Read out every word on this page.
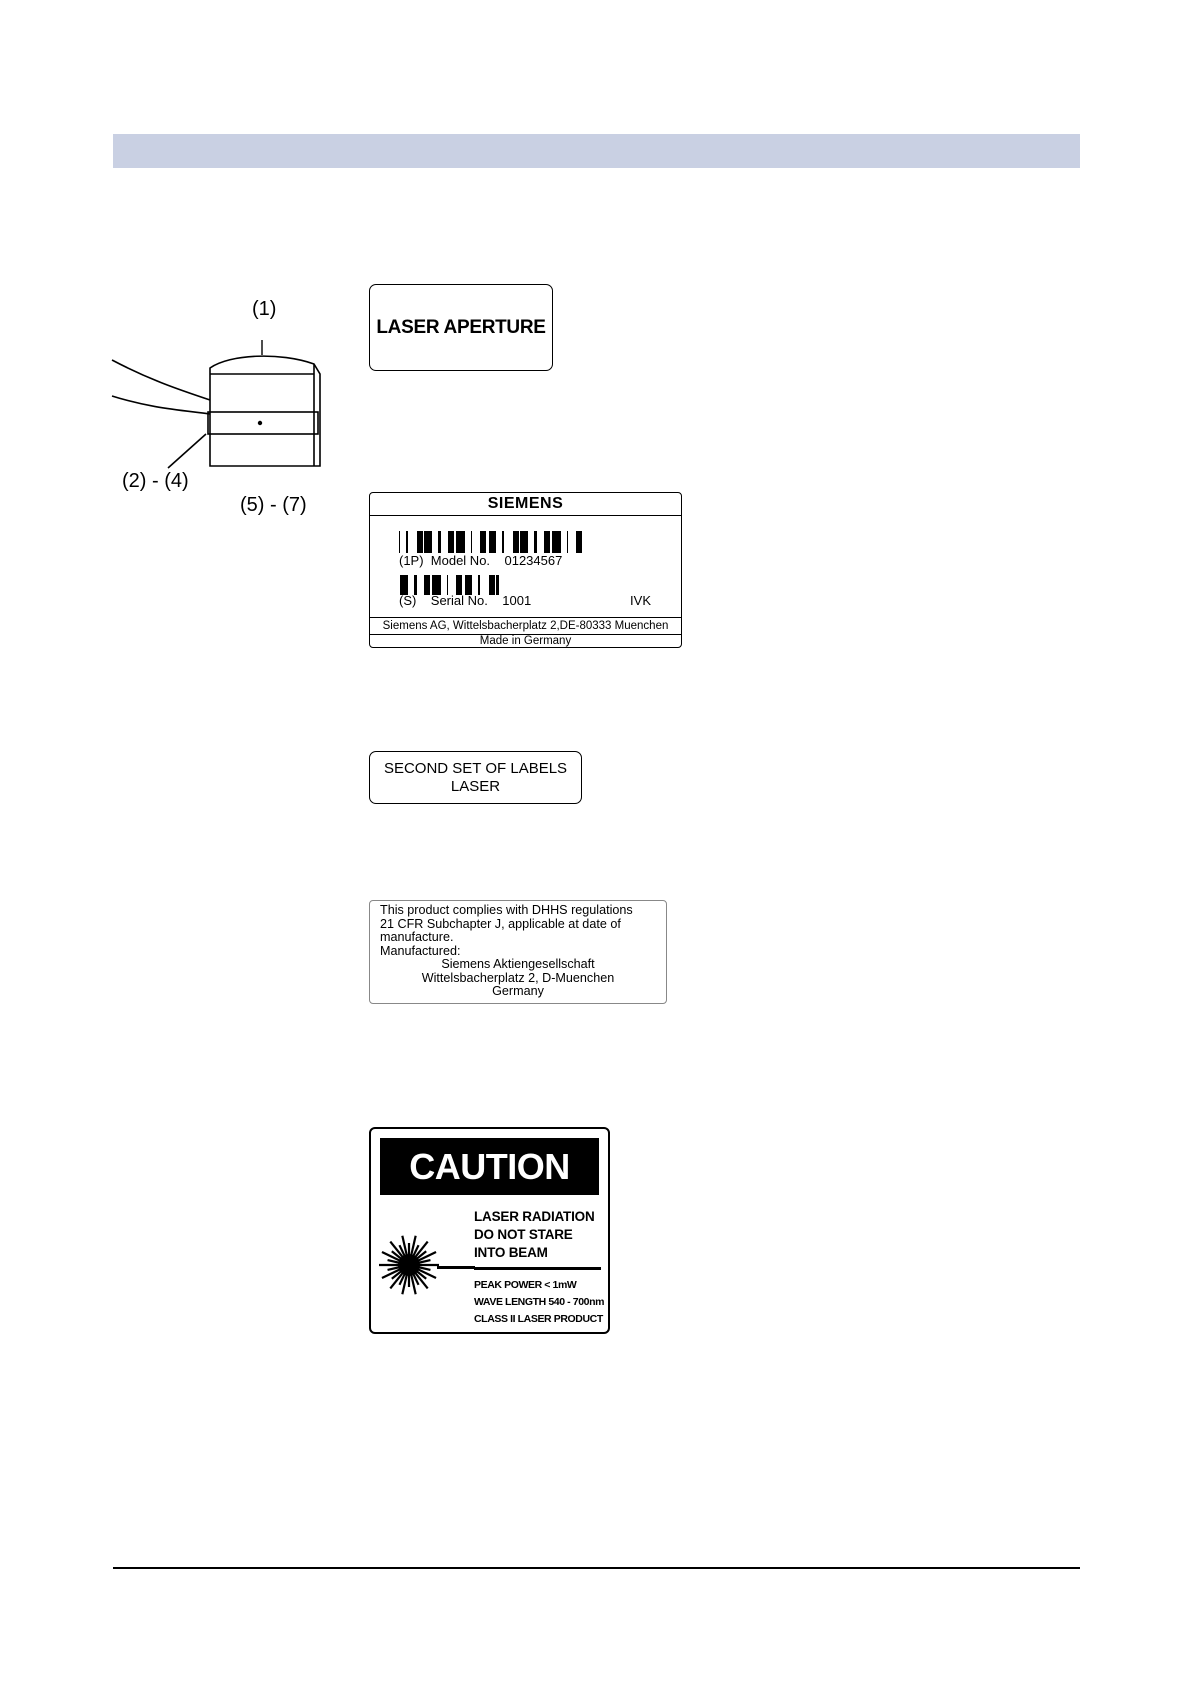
(1)
(2) - (4)
(5) - (7)
LASER APERTURE
SIEMENS
(1P)  Model No.    01234567
(S)    Serial No.    1001	IVK
Siemens AG, Wittelsbacherplatz 2,DE-80333 Muenchen
Made in Germany
SECOND SET OF LABELS
LASER
This product complies with DHHS regulations
21 CFR Subchapter J, applicable at date of
manufacture.
Manufactured:
Siemens Aktiengesellschaft
Wittelsbacherplatz 2, D-Muenchen
Germany
CAUTION
LASER RADIATION
DO NOT STARE
INTO BEAM
PEAK POWER < 1mW
WAVE LENGTH 540 - 700nm
CLASS II LASER PRODUCT
